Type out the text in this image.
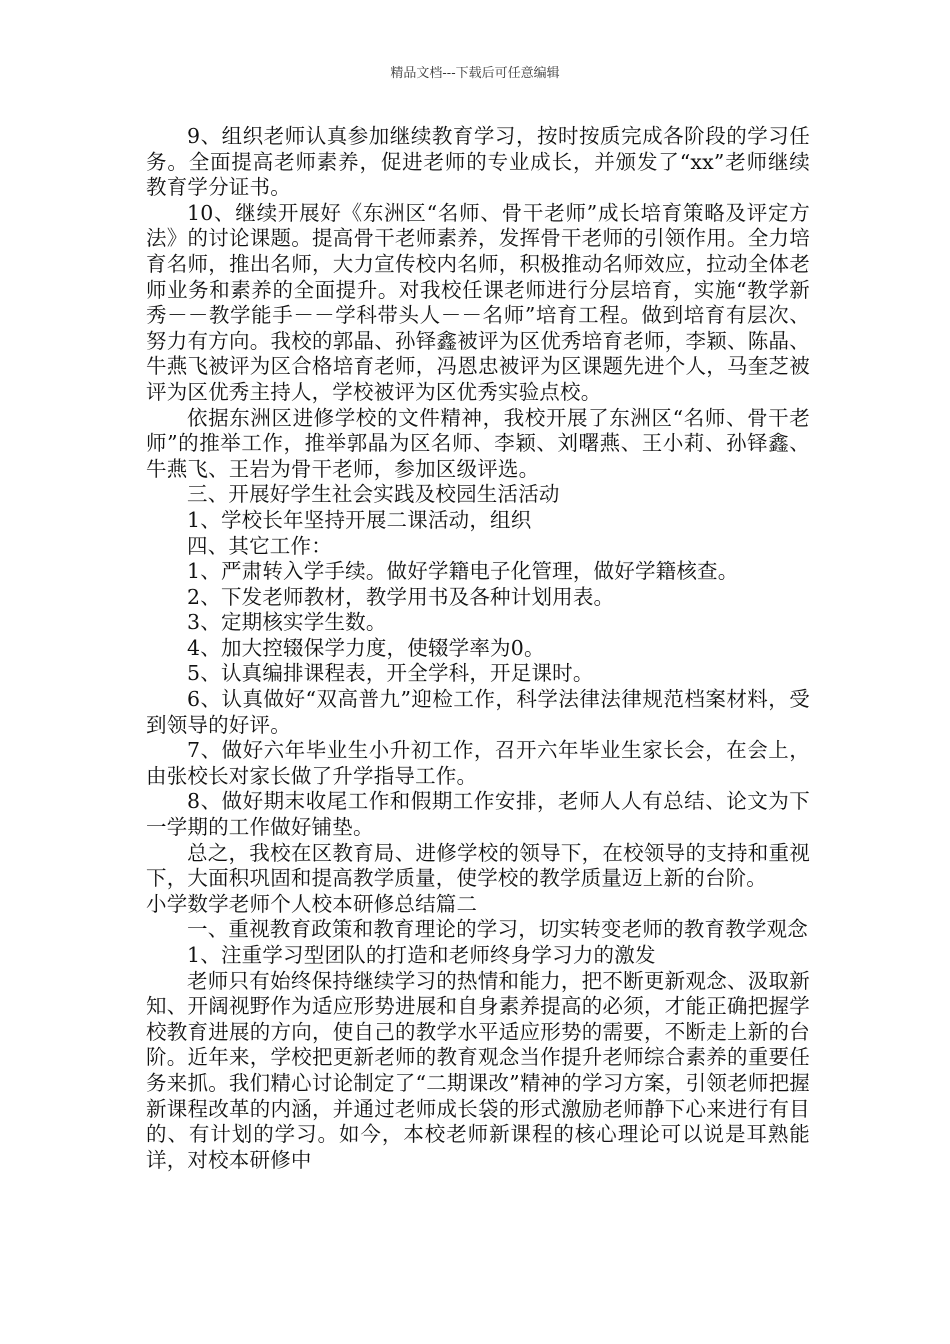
精品文档---下载后可任意编辑

9、组织老师认真参加继续教育学习，按时按质完成各阶段的学习任务。全面提高老师素养，促进老师的专业成长，并颁发了“xx”老师继续教育学分证书。

10、继续开展好《东洲区“名师、骨干老师”成长培育策略及评定方法》的讨论课题。提高骨干老师素养，发挥骨干老师的引领作用。全力培育名师，推出名师，大力宣传校内名师，积极推动名师效应，拉动全体老师业务和素养的全面提升。对我校任课老师进行分层培育，实施“教学新秀－－教学能手－－学科带头人－－名师”培育工程。做到培育有层次、努力有方向。我校的郭晶、孙铎鑫被评为区优秀培育老师，李颖、陈晶、牛燕飞被评为区合格培育老师，冯恩忠被评为区课题先进个人，马奎芝被评为区优秀主持人，学校被评为区优秀实验点校。

依据东洲区进修学校的文件精神，我校开展了东洲区“名师、骨干老师”的推举工作，推举郭晶为区名师、李颖、刘曙燕、王小莉、孙铎鑫、牛燕飞、王岩为骨干老师，参加区级评选。

三、开展好学生社会实践及校园生活活动

1、学校长年坚持开展二课活动，组织

四、其它工作：

1、严肃转入学手续。做好学籍电子化管理，做好学籍核查。

2、下发老师教材，教学用书及各种计划用表。

3、定期核实学生数。

4、加大控辍保学力度，使辍学率为0。

5、认真编排课程表，开全学科，开足课时。

6、认真做好“双高普九”迎检工作，科学法律法律规范档案材料，受到领导的好评。

7、做好六年毕业生小升初工作，召开六年毕业生家长会，在会上，由张校长对家长做了升学指导工作。

8、做好期末收尾工作和假期工作安排，老师人人有总结、论文为下一学期的工作做好铺垫。

总之，我校在区教育局、进修学校的领导下，在校领导的支持和重视下，大面积巩固和提高教学质量，使学校的教学质量迈上新的台阶。

小学数学老师个人校本研修总结篇二

一、重视教育政策和教育理论的学习，切实转变老师的教育教学观念

1、注重学习型团队的打造和老师终身学习力的激发

老师只有始终保持继续学习的热情和能力，把不断更新观念、汲取新知、开阔视野作为适应形势进展和自身素养提高的必须，才能正确把握学校教育进展的方向，使自己的教学水平适应形势的需要，不断走上新的台阶。近年来，学校把更新老师的教育观念当作提升老师综合素养的重要任务来抓。我们精心讨论制定了“二期课改”精神的学习方案，引领老师把握新课程改革的内涵，并通过老师成长袋的形式激励老师静下心来进行有目的、有计划的学习。如今，本校老师新课程的核心理论可以说是耳熟能详，对校本研修中
